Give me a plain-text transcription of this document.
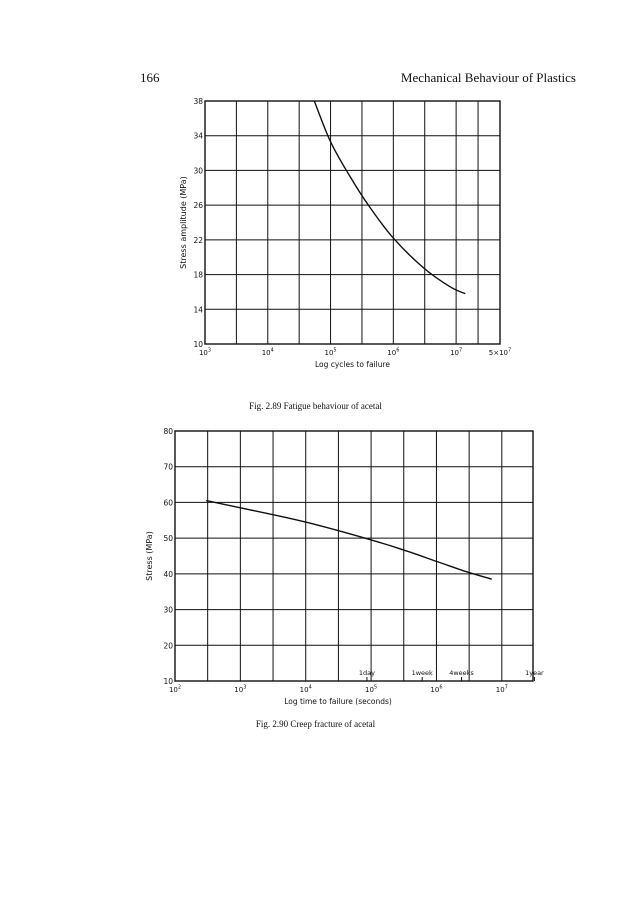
166	Mechanical Behaviour of Plastics
10
14
18
22
26
30
34
38
$10^3$	$10^4$	$10^5$	$10^6$	$10^7$	$5\times 10^7$
Log cycles to failure
Stress amplitude (MPa)
10
20
30
40
50
60
70
80
$10^2$	$10^3$	$10^4$	$10^5$	$10^6$	$10^7$
Log time to failure (seconds)
Stress (MPa)
1day	1week	4weeks	1year
Fig. 2.89 Fatigue behaviour of acetal
Fig. 2.90 Creep fracture of acetal
